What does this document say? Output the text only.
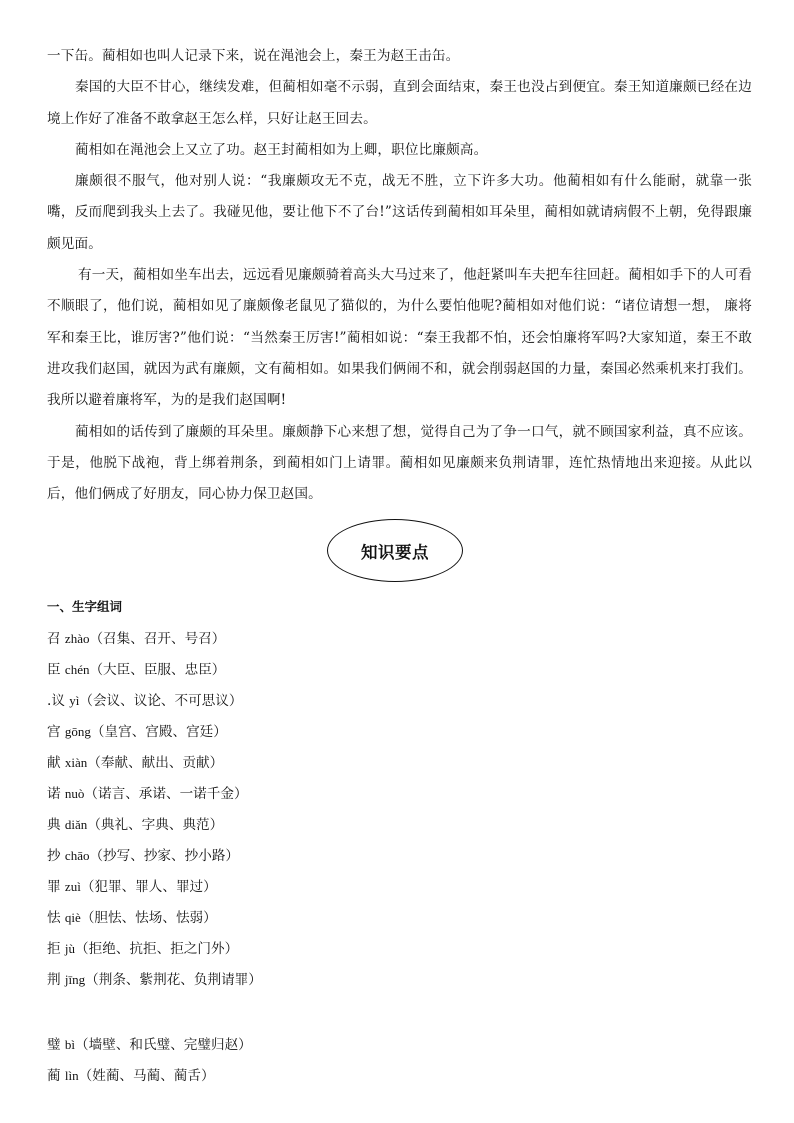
一下缶。蔺相如也叫人记录下来，说在渑池会上，秦王为赵王击缶。

秦国的大臣不甘心，继续发难，但蔺相如毫不示弱，直到会面结束，秦王也没占到便宜。秦王知道廉颇已经在边境上作好了准备不敢拿赵王怎么样，只好让赵王回去。

蔺相如在渑池会上又立了功。赵王封蔺相如为上卿，职位比廉颇高。

廉颇很不服气，他对别人说：“我廉颇攻无不克，战无不胜，立下许多大功。他蔺相如有什么能耐，就靠一张嘴，反而爬到我头上去了。我碰见他，要让他下不了台!”这话传到蔺相如耳朵里，蔺相如就请病假不上朝，免得跟廉颇见面。

有一天，蔺相如坐车出去，远远看见廉颇骑着高头大马过来了，他赶紧叫车夫把车往回赶。蔺相如手下的人可看不顺眼了，他们说，蔺相如见了廉颇像老鼠见了猫似的，为什么要怕他呢?蔺相如对他们说：“诸位请想一想， 廉将军和秦王比，谁厉害?”他们说：“当然秦王厉害!”蔺相如说：“秦王我都不怕，还会怕廉将军吗?大家知道，秦王不敢进攻我们赵国，就因为武有廉颇，文有蔺相如。如果我们俩闹不和，就会削弱赵国的力量，秦国必然乘机来打我们。我所以避着廉将军，为的是我们赵国啊!

蔺相如的话传到了廉颇的耳朵里。廉颇静下心来想了想，觉得自己为了争一口气，就不顾国家利益，真不应该。于是，他脱下战袍，背上绑着荆条，到蔺相如门上请罪。蔺相如见廉颇来负荆请罪，连忙热情地出来迎接。从此以后，他们俩成了好朋友，同心协力保卫赵国。

知识要点
一、生字组词
召 zhào（召集、召开、号召）
臣 chén（大臣、臣服、忠臣）
.议 yì（会议、议论、不可思议）
宫 gōng（皇宫、宫殿、宫廷）
献 xiàn（奉献、献出、贡献）
诺 nuò（诺言、承诺、一诺千金）
典 diǎn（典礼、字典、典范）
抄 chāo（抄写、抄家、抄小路）
罪 zuì（犯罪、罪人、罪过）
怯 qiè（胆怯、怯场、怯弱）
拒 jù（拒绝、抗拒、拒之门外）
荆 jīng（荆条、紫荆花、负荆请罪）
璧 bì（墙壁、和氏璧、完璧归赵）
蔺 lìn（姓蔺、马蔺、蔺舌）
